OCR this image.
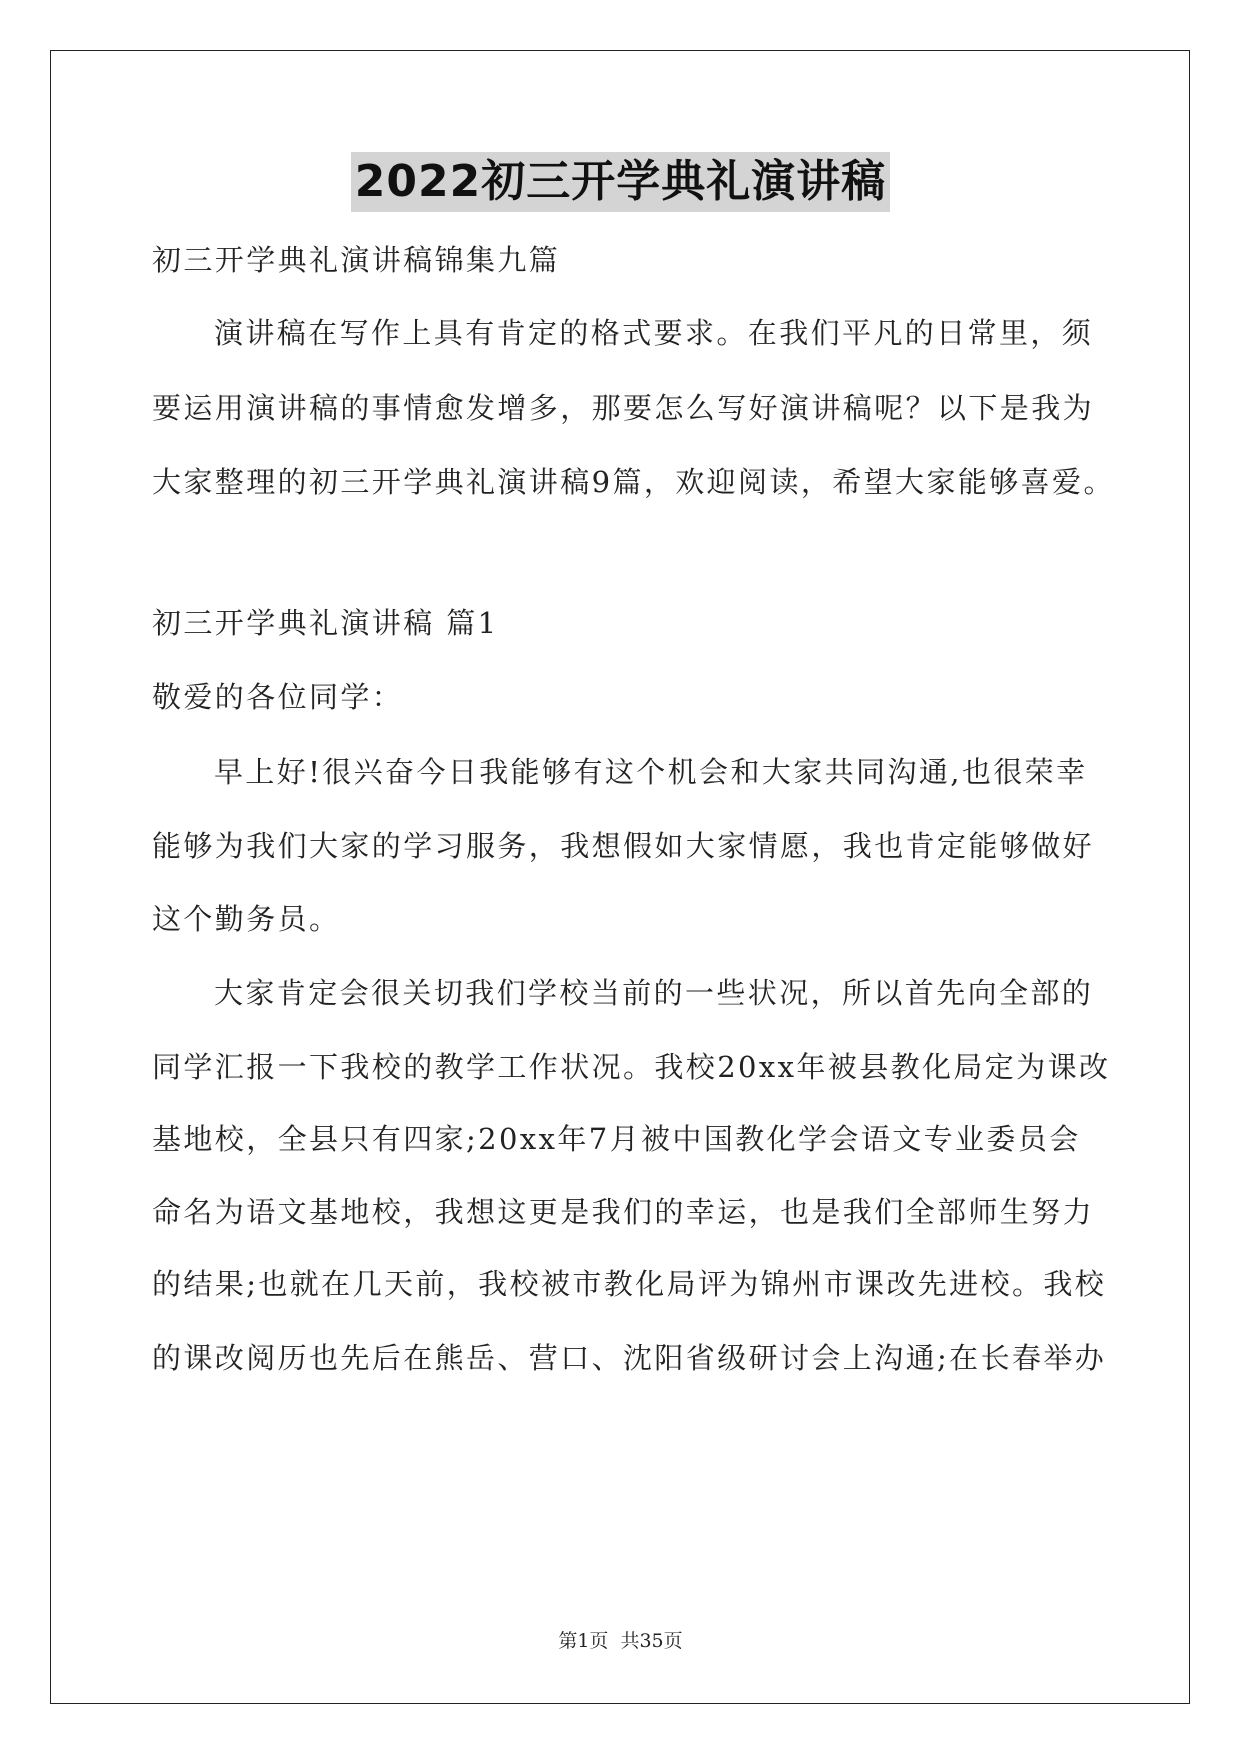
2022初三开学典礼演讲稿
初三开学典礼演讲稿锦集九篇
演讲稿在写作上具有肯定的格式要求。在我们平凡的日常里，须
要运用演讲稿的事情愈发增多，那要怎么写好演讲稿呢？以下是我为
大家整理的初三开学典礼演讲稿9篇，欢迎阅读，希望大家能够喜爱。
初三开学典礼演讲稿 篇1
敬爱的各位同学：
早上好!很兴奋今日我能够有这个机会和大家共同沟通,也很荣幸
能够为我们大家的学习服务，我想假如大家情愿，我也肯定能够做好
这个勤务员。
大家肯定会很关切我们学校当前的一些状况，所以首先向全部的
同学汇报一下我校的教学工作状况。我校20xx年被县教化局定为课改
基地校，全县只有四家;20xx年7月被中国教化学会语文专业委员会
命名为语文基地校，我想这更是我们的幸运，也是我们全部师生努力
的结果;也就在几天前，我校被市教化局评为锦州市课改先进校。我校
的课改阅历也先后在熊岳、营口、沈阳省级研讨会上沟通;在长春举办
第1页 共35页
